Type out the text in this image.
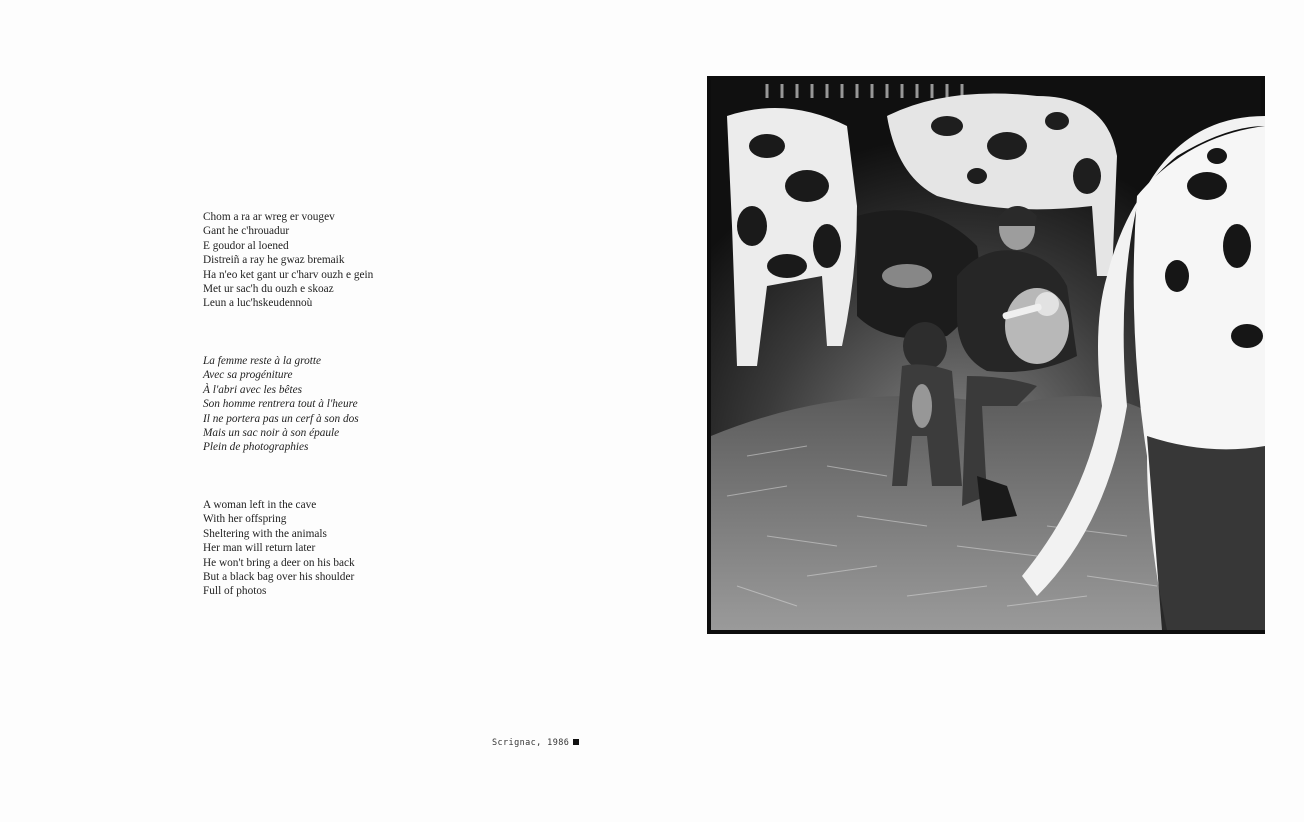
Chom a ra ar wreg er vougev
Gant he c'hrouadur
E goudor al loened
Distreiñ a ray he gwaz bremaik
Ha n'eo ket gant ur c'harv ouzh e gein
Met ur sac'h du ouzh e skoaz
Leun a luc'hskeudennoù
La femme reste à la grotte
Avec sa progéniture
À l'abri avec les bêtes
Son homme rentrera tout à l'heure
Il ne portera pas un cerf à son dos
Mais un sac noir à son épaule
Plein de photographies
A woman left in the cave
With her offspring
Sheltering with the animals
Her man will return later
He won't bring a deer on his back
But a black bag over his shoulder
Full of photos
Scrignac, 1986
